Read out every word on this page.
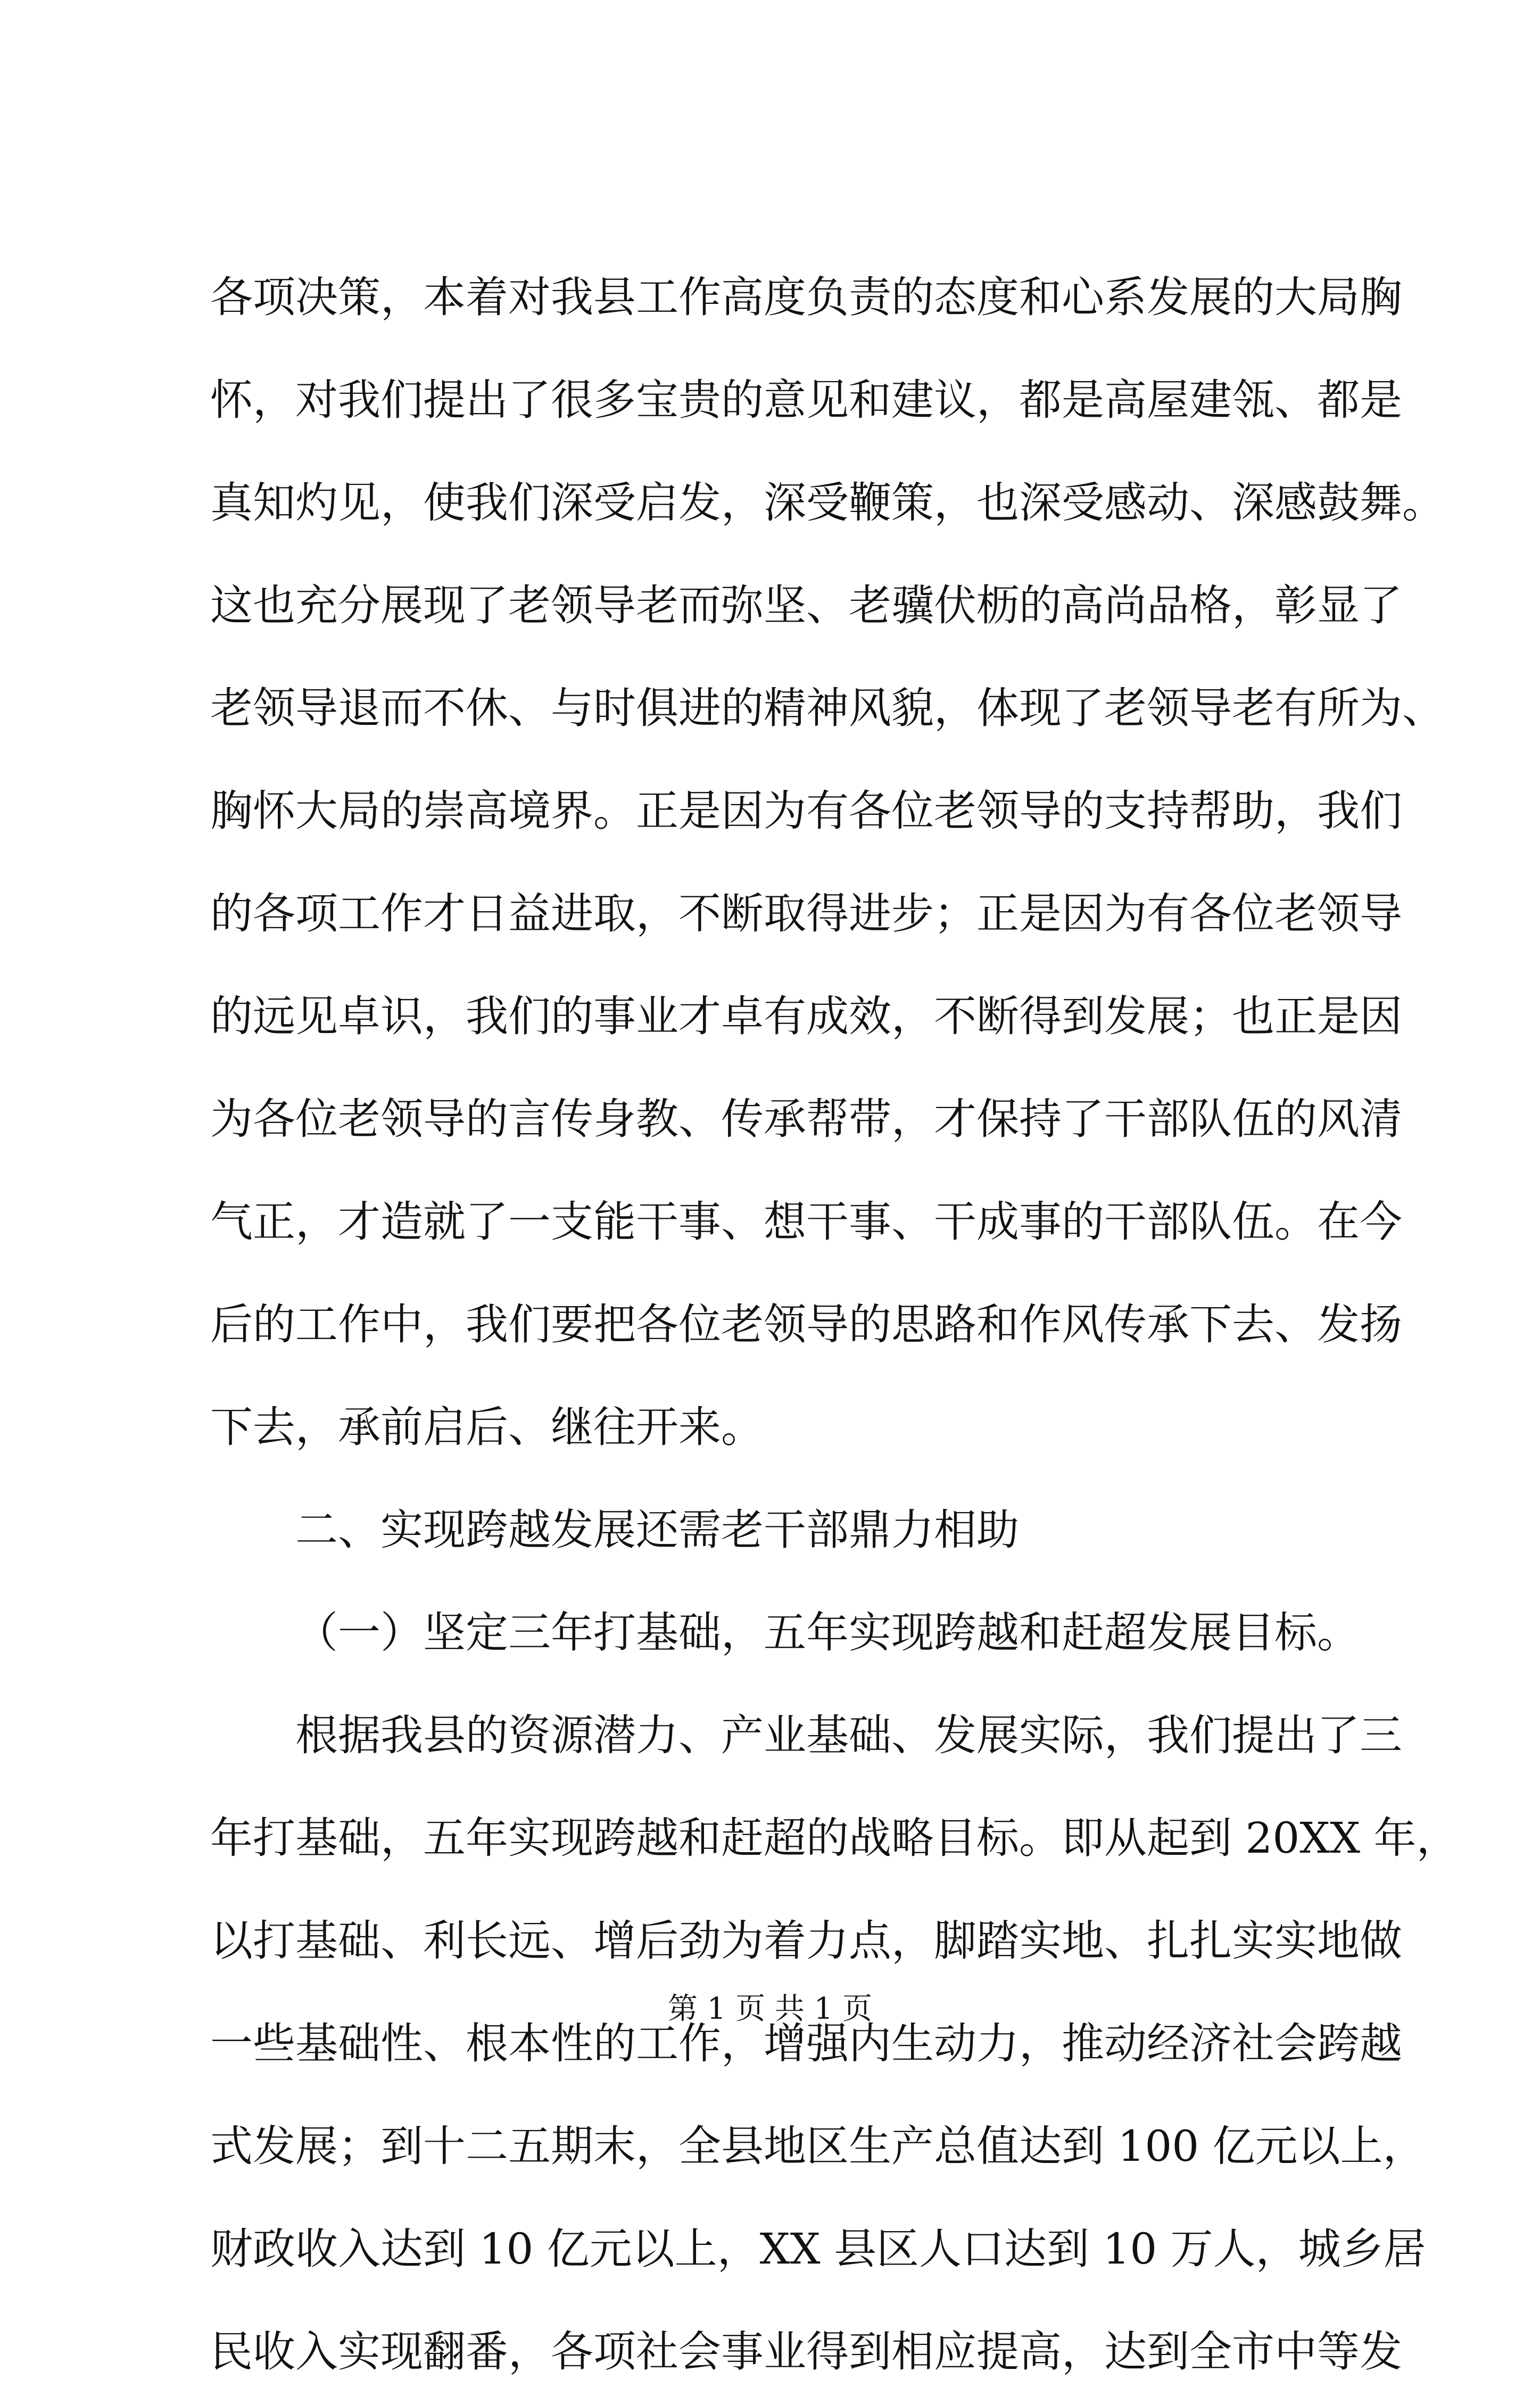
各项决策，本着对我县工作高度负责的态度和心系发展的大局胸
怀，对我们提出了很多宝贵的意见和建议，都是高屋建瓴、都是
真知灼见，使我们深受启发，深受鞭策，也深受感动、深感鼓舞。
这也充分展现了老领导老而弥坚、老骥伏枥的高尚品格，彰显了
老领导退而不休、与时俱进的精神风貌，体现了老领导老有所为、
胸怀大局的崇高境界。正是因为有各位老领导的支持帮助，我们
的各项工作才日益进取，不断取得进步；正是因为有各位老领导
的远见卓识，我们的事业才卓有成效，不断得到发展；也正是因
为各位老领导的言传身教、传承帮带，才保持了干部队伍的风清
气正，才造就了一支能干事、想干事、干成事的干部队伍。在今
后的工作中，我们要把各位老领导的思路和作风传承下去、发扬
下去，承前启后、继往开来。
二、实现跨越发展还需老干部鼎力相助
（一）坚定三年打基础，五年实现跨越和赶超发展目标。
根据我县的资源潜力、产业基础、发展实际，我们提出了三
年打基础，五年实现跨越和赶超的战略目标。即从起到 20XX 年，
以打基础、利长远、增后劲为着力点，脚踏实地、扎扎实实地做
一些基础性、根本性的工作，增强内生动力，推动经济社会跨越
式发展；到十二五期末，全县地区生产总值达到 100 亿元以上，
财政收入达到 10 亿元以上，XX 县区人口达到 10 万人，城乡居
民收入实现翻番，各项社会事业得到相应提高，达到全市中等发
第 1 页 共 1 页
